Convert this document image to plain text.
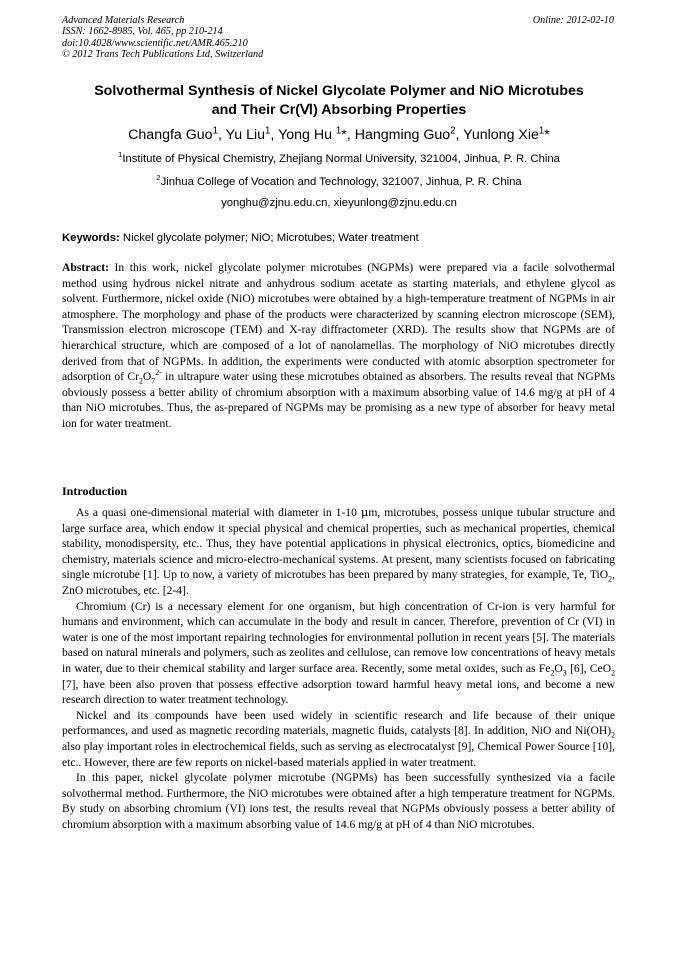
Advanced Materials Research
ISSN: 1662-8985, Vol. 465, pp 210-214
doi:10.4028/www.scientific.net/AMR.465.210
© 2012 Trans Tech Publications Ltd, Switzerland
Online: 2012-02-10
Solvothermal Synthesis of Nickel Glycolate Polymer and NiO Microtubes
and Their Cr(Ⅵ) Absorbing Properties
Changfa Guo$^1$, Yu Liu$^1$, Yong Hu $^1$*, Hangming Guo$^2$, Yunlong Xie$^1$*
$^1$Institute of Physical Chemistry, Zhejiang Normal University, 321004, Jinhua, P. R. China
$^2$Jinhua College of Vocation and Technology, 321007, Jinhua, P. R. China
yonghu@zjnu.edu.cn, xieyunlong@zjnu.edu.cn
Keywords: Nickel glycolate polymer; NiO; Microtubes; Water treatment

Abstract: In this work, nickel glycolate polymer microtubes (NGPMs) were prepared via a facile solvothermal method using hydrous nickel nitrate and anhydrous sodium acetate as starting materials, and ethylene glycol as solvent. Furthermore, nickel oxide (NiO) microtubes were obtained by a high-temperature treatment of NGPMs in air atmosphere. The morphology and phase of the products were characterized by scanning electron microscope (SEM), Transmission electron microscope (TEM) and X-ray diffractometer (XRD). The results show that NGPMs are of hierarchical structure, which are composed of a lot of nanolamellas. The morphology of NiO microtubes directly derived from that of NGPMs. In addition, the experiments were conducted with atomic absorption spectrometer for adsorption of $Cr_2O_7^{2-}$ in ultrapure water using these microtubes obtained as absorbers. The results reveal that NGPMs obviously possess a better ability of chromium absorption with a maximum absorbing value of 14.6 mg/g at pH of 4 than NiO microtubes. Thus, the as-prepared of NGPMs may be promising as a new type of absorber for heavy metal ion for water treatment.

Introduction

As a quasi one-dimensional material with diameter in 1-10 μm, microtubes, possess unique tubular structure and large surface area, which endow it special physical and chemical properties, such as mechanical properties, chemical stability, monodispersity, etc.. Thus, they have potential applications in physical electronics, optics, biomedicine and chemistry, materials science and micro-electro-mechanical systems. At present, many scientists focused on fabricating single microtube [1]. Up to now, a variety of microtubes has been prepared by many strategies, for example, Te, TiO$_2$, ZnO microtubes, etc. [2-4].

Chromium (Cr) is a necessary element for one organism, but high concentration of Cr-ion is very harmful for humans and environment, which can accumulate in the body and result in cancer. Therefore, prevention of Cr (VI) in water is one of the most important repairing technologies for environmental pollution in recent years [5]. The materials based on natural minerals and polymers, such as zeolites and cellulose, can remove low concentrations of heavy metals in water, due to their chemical stability and larger surface area. Recently, some metal oxides, such as $Fe_2O_3$ [6], CeO$_2$ [7], have been also proven that possess effective adsorption toward harmful heavy metal ions, and become a new research direction to water treatment technology.

Nickel and its compounds have been used widely in scientific research and life because of their unique performances, and used as magnetic recording materials, magnetic fluids, catalysts [8]. In addition, NiO and $Ni(OH)_2$ also play important roles in electrochemical fields, such as serving as electrocatalyst [9], Chemical Power Source [10], etc.. However, there are few reports on nickel-based materials applied in water treatment.

In this paper, nickel glycolate polymer microtube (NGPMs) has been successfully synthesized via a facile solvothermal method. Furthermore, the NiO microtubes were obtained after a high temperature treatment for NGPMs. By study on absorbing chromium (VI) ions test, the results reveal that NGPMs obviously possess a better ability of chromium absorption with a maximum absorbing value of 14.6 mg/g at pH of 4 than NiO microtubes.
